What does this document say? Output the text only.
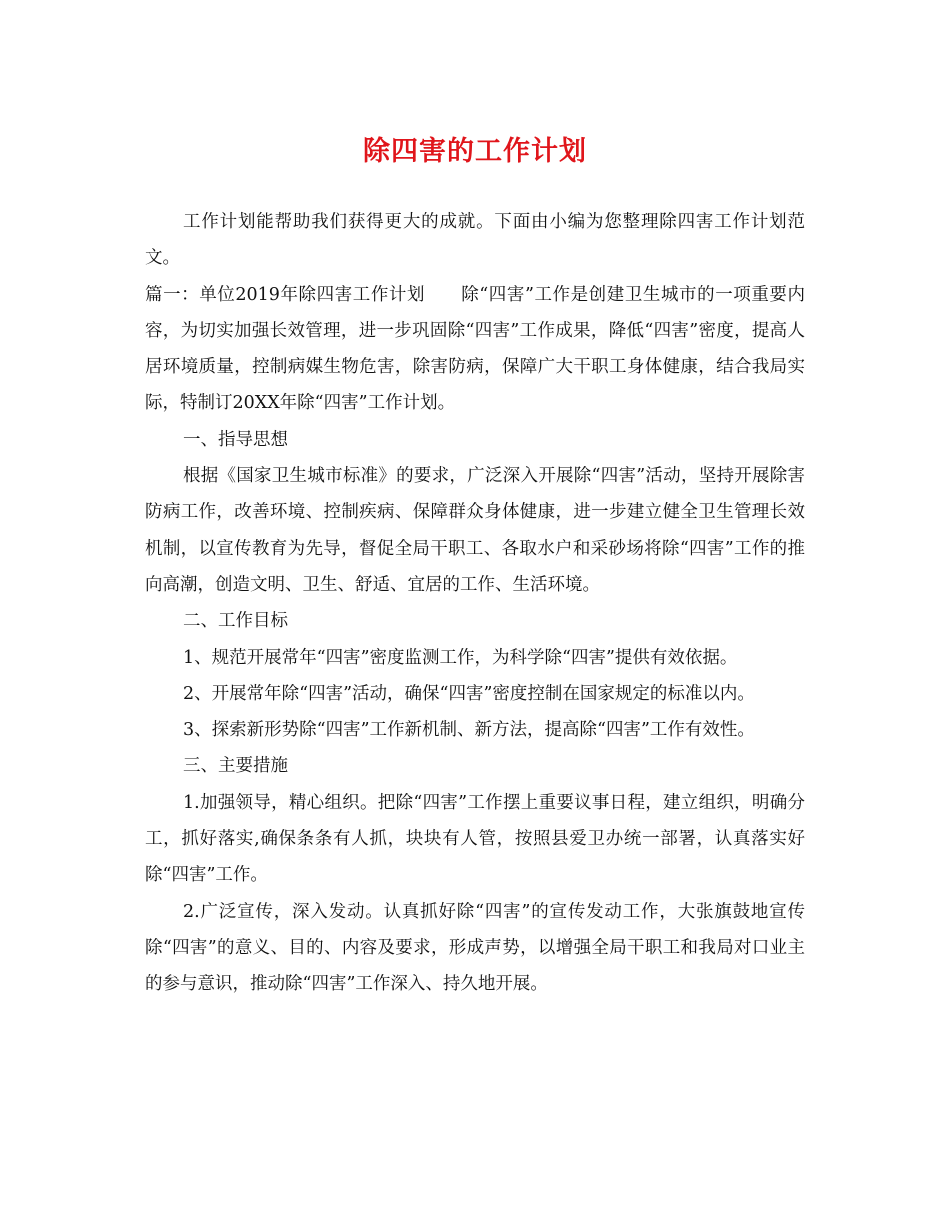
除四害的工作计划

工作计划能帮助我们获得更大的成就。下面由小编为您整理除四害工作计划范文。

篇一：单位2019年除四害工作计划　　除“四害”工作是创建卫生城市的一项重要内容，为切实加强长效管理，进一步巩固除“四害”工作成果，降低“四害”密度，提高人居环境质量，控制病媒生物危害，除害防病，保障广大干职工身体健康，结合我局实际，特制订20XX年除“四害”工作计划。

一、指导思想

根据《国家卫生城市标准》的要求，广泛深入开展除“四害”活动，坚持开展除害防病工作，改善环境、控制疾病、保障群众身体健康，进一步建立健全卫生管理长效机制，以宣传教育为先导，督促全局干职工、各取水户和采砂场将除“四害”工作的推向高潮，创造文明、卫生、舒适、宜居的工作、生活环境。

二、工作目标

1、规范开展常年“四害”密度监测工作，为科学除“四害”提供有效依据。

2、开展常年除“四害”活动，确保“四害”密度控制在国家规定的标准以内。

3、探索新形势除“四害”工作新机制、新方法，提高除“四害”工作有效性。

三、主要措施

1.加强领导，精心组织。把除“四害”工作摆上重要议事日程，建立组织，明确分工，抓好落实,确保条条有人抓，块块有人管，按照县爱卫办统一部署，认真落实好除“四害”工作。

2.广泛宣传，深入发动。认真抓好除“四害”的宣传发动工作，大张旗鼓地宣传除“四害”的意义、目的、内容及要求，形成声势，以增强全局干职工和我局对口业主的参与意识，推动除“四害”工作深入、持久地开展。
